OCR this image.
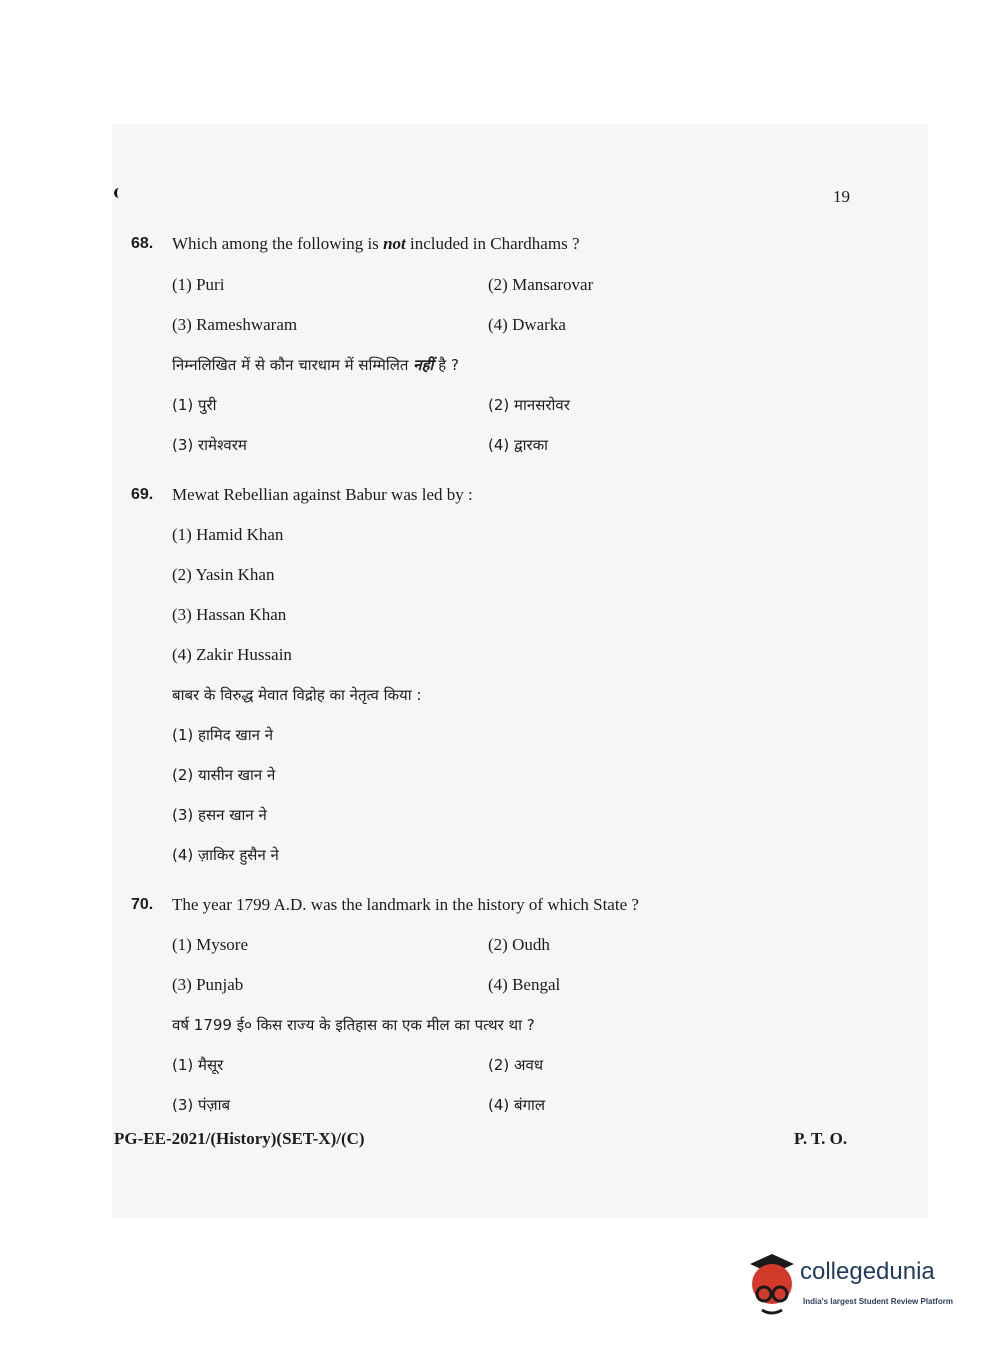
19
68. Which among the following is not included in Chardhams ?
(1) Puri	(2) Mansarovar
(3) Rameshwaram	(4) Dwarka
निम्नलिखित में से कौन चारधाम में सम्मिलित नहीं है ?
(1) पुरी	(2) मानसरोवर
(3) रामेश्वरम	(4) द्वारका
69. Mewat Rebellian against Babur was led by :
(1) Hamid Khan
(2) Yasin Khan
(3) Hassan Khan
(4) Zakir Hussain
बाबर के विरुद्ध मेवात विद्रोह का नेतृत्व किया :
(1) हामिद खान ने
(2) यासीन खान ने
(3) हसन खान ने
(4) ज़ाकिर हुसैन ने
70. The year 1799 A.D. was the landmark in the history of which State ?
(1) Mysore	(2) Oudh
(3) Punjab	(4) Bengal
वर्ष 1799 ई० किस राज्य के इतिहास का एक मील का पत्थर था ?
(1) मैसूर	(2) अवध
(3) पंज़ाब	(4) बंगाल
PG-EE-2021/(History)(SET-X)/(C)	P. T. O.
collegedunia
India's largest Student Review Platform
